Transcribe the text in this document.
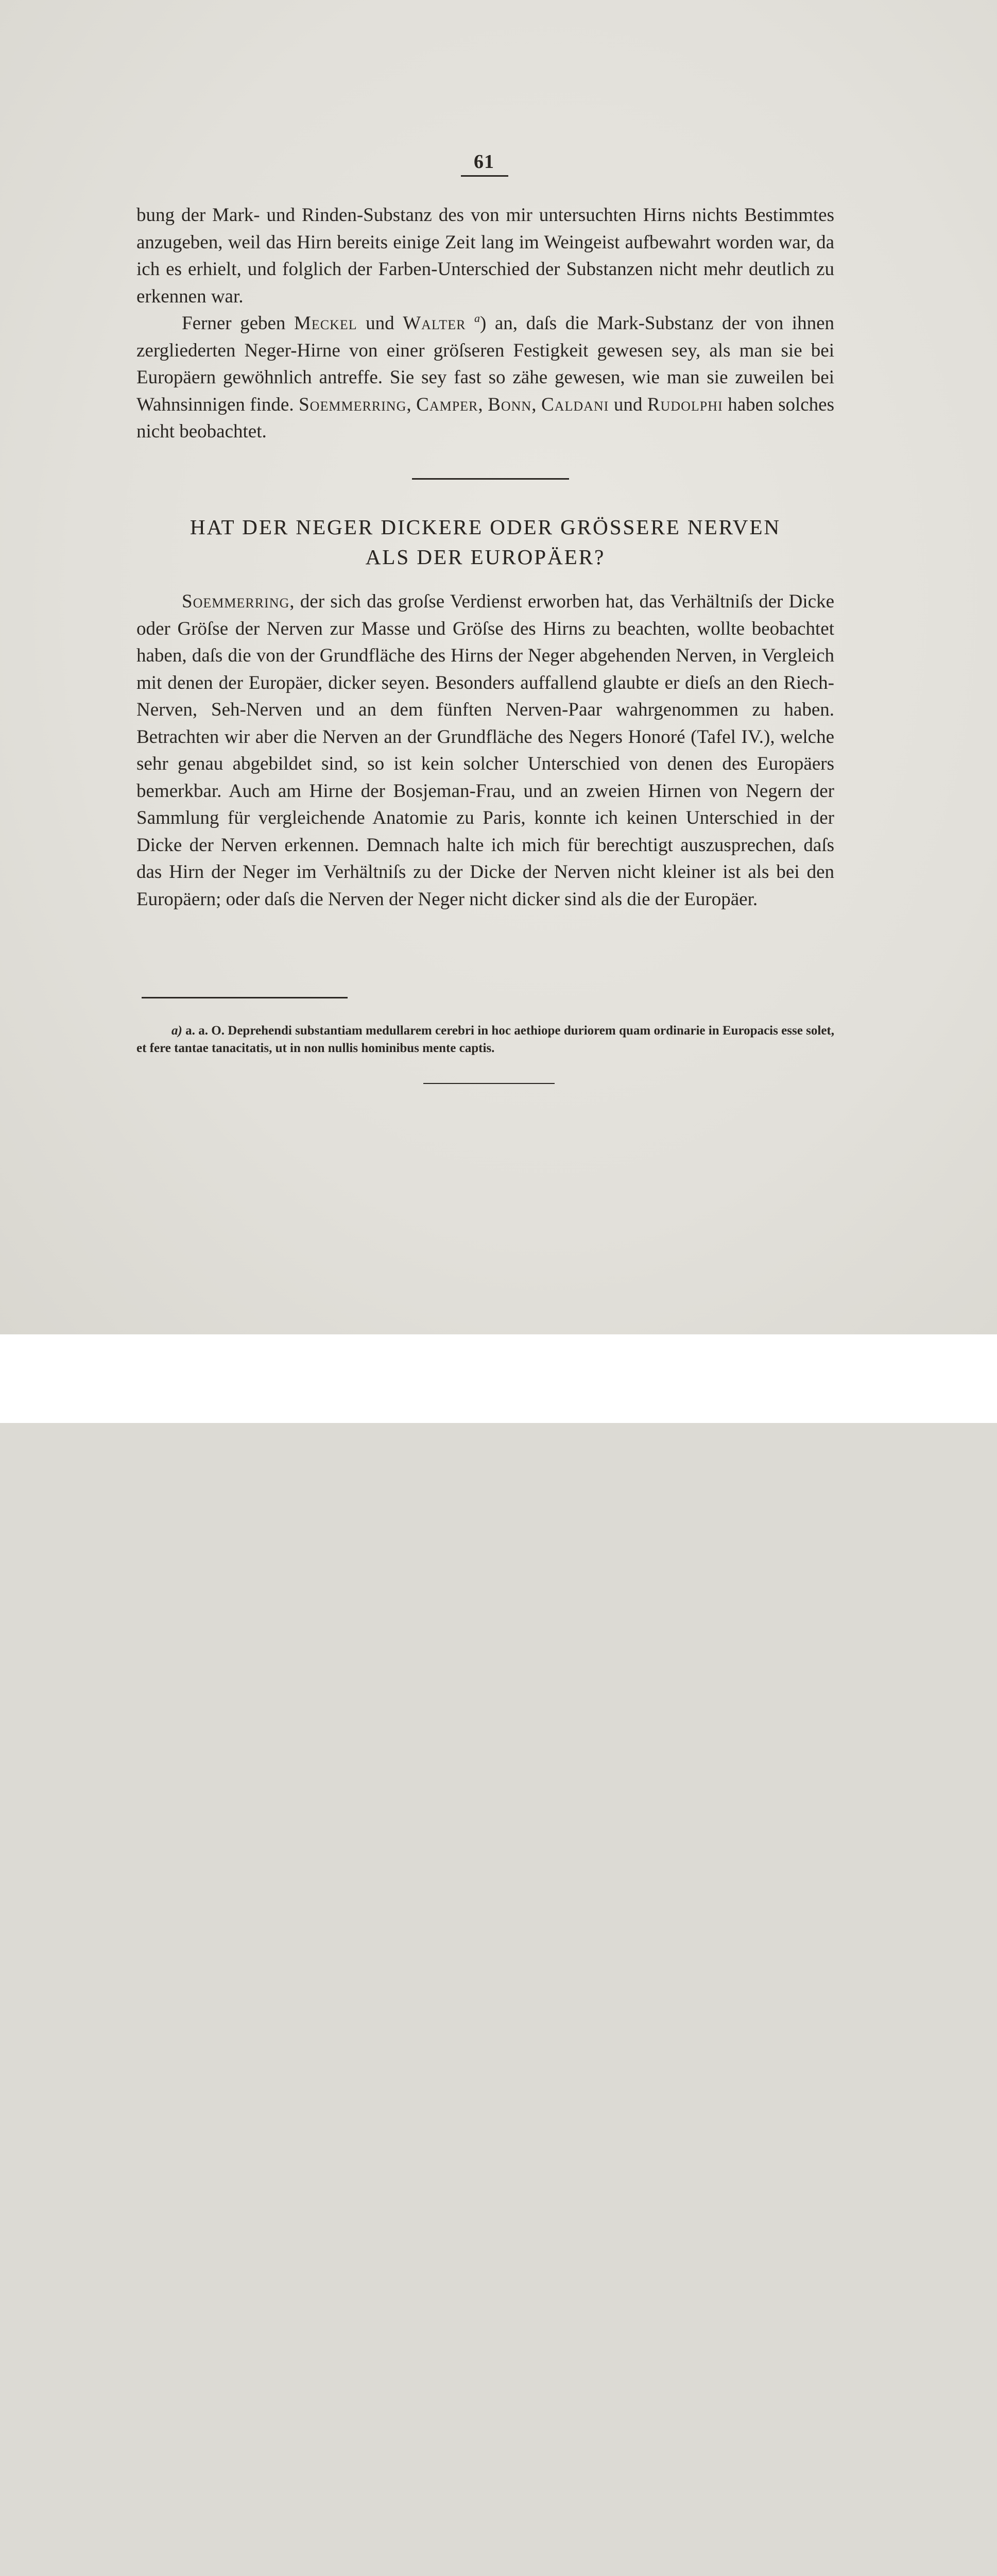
61

bung der Mark- und Rinden-Substanz des von mir untersuchten Hirns nichts Bestimmtes anzugeben, weil das Hirn bereits einige Zeit lang im Weingeist aufbewahrt worden war, da ich es erhielt, und folglich der Farben-Unterschied der Substanzen nicht mehr deutlich zu erkennen war.

Ferner geben Meckel und Walter $^a$) an, daſs die Mark-Substanz der von ihnen zergliederten Neger-Hirne von einer gröſseren Festigkeit gewesen sey, als man sie bei Europäern gewöhnlich antreffe. Sie sey fast so zähe gewesen, wie man sie zuweilen bei Wahnsinnigen finde. Soemmerring, Camper, Bonn, Caldani und Rudolphi haben solches nicht beobachtet.

HAT DER NEGER DICKERE ODER GRÖSSERE NERVEN
ALS DER EUROPÄER?

Soemmerring, der sich das groſse Verdienst erworben hat, das Verhältniſs der Dicke oder Gröſse der Nerven zur Masse und Gröſse des Hirns zu beachten, wollte beobachtet haben, daſs die von der Grundfläche des Hirns der Neger abgehenden Nerven, in Vergleich mit denen der Europäer, dicker seyen. Besonders auffallend glaubte er dieſs an den Riech-Nerven, Seh-Nerven und an dem fünften Nerven-Paar wahrgenommen zu haben. Betrachten wir aber die Nerven an der Grundfläche des Negers Honoré (Tafel IV.), welche sehr genau abgebildet sind, so ist kein solcher Unterschied von denen des Europäers bemerkbar. Auch am Hirne der Bosjeman-Frau, und an zweien Hirnen von Negern der Sammlung für vergleichende Anatomie zu Paris, konnte ich keinen Unterschied in der Dicke der Nerven erkennen. Demnach halte ich mich für berechtigt auszusprechen, daſs das Hirn der Neger im Verhältniſs zu der Dicke der Nerven nicht kleiner ist als bei den Europäern; oder daſs die Nerven der Neger nicht dicker sind als die der Europäer.

a) a. a. O. Deprehendi substantiam medullarem cerebri in hoc aethiope duriorem quam ordinarie in Europacis esse solet, et fere tantae tanacitatis, ut in non nullis hominibus mente captis.
